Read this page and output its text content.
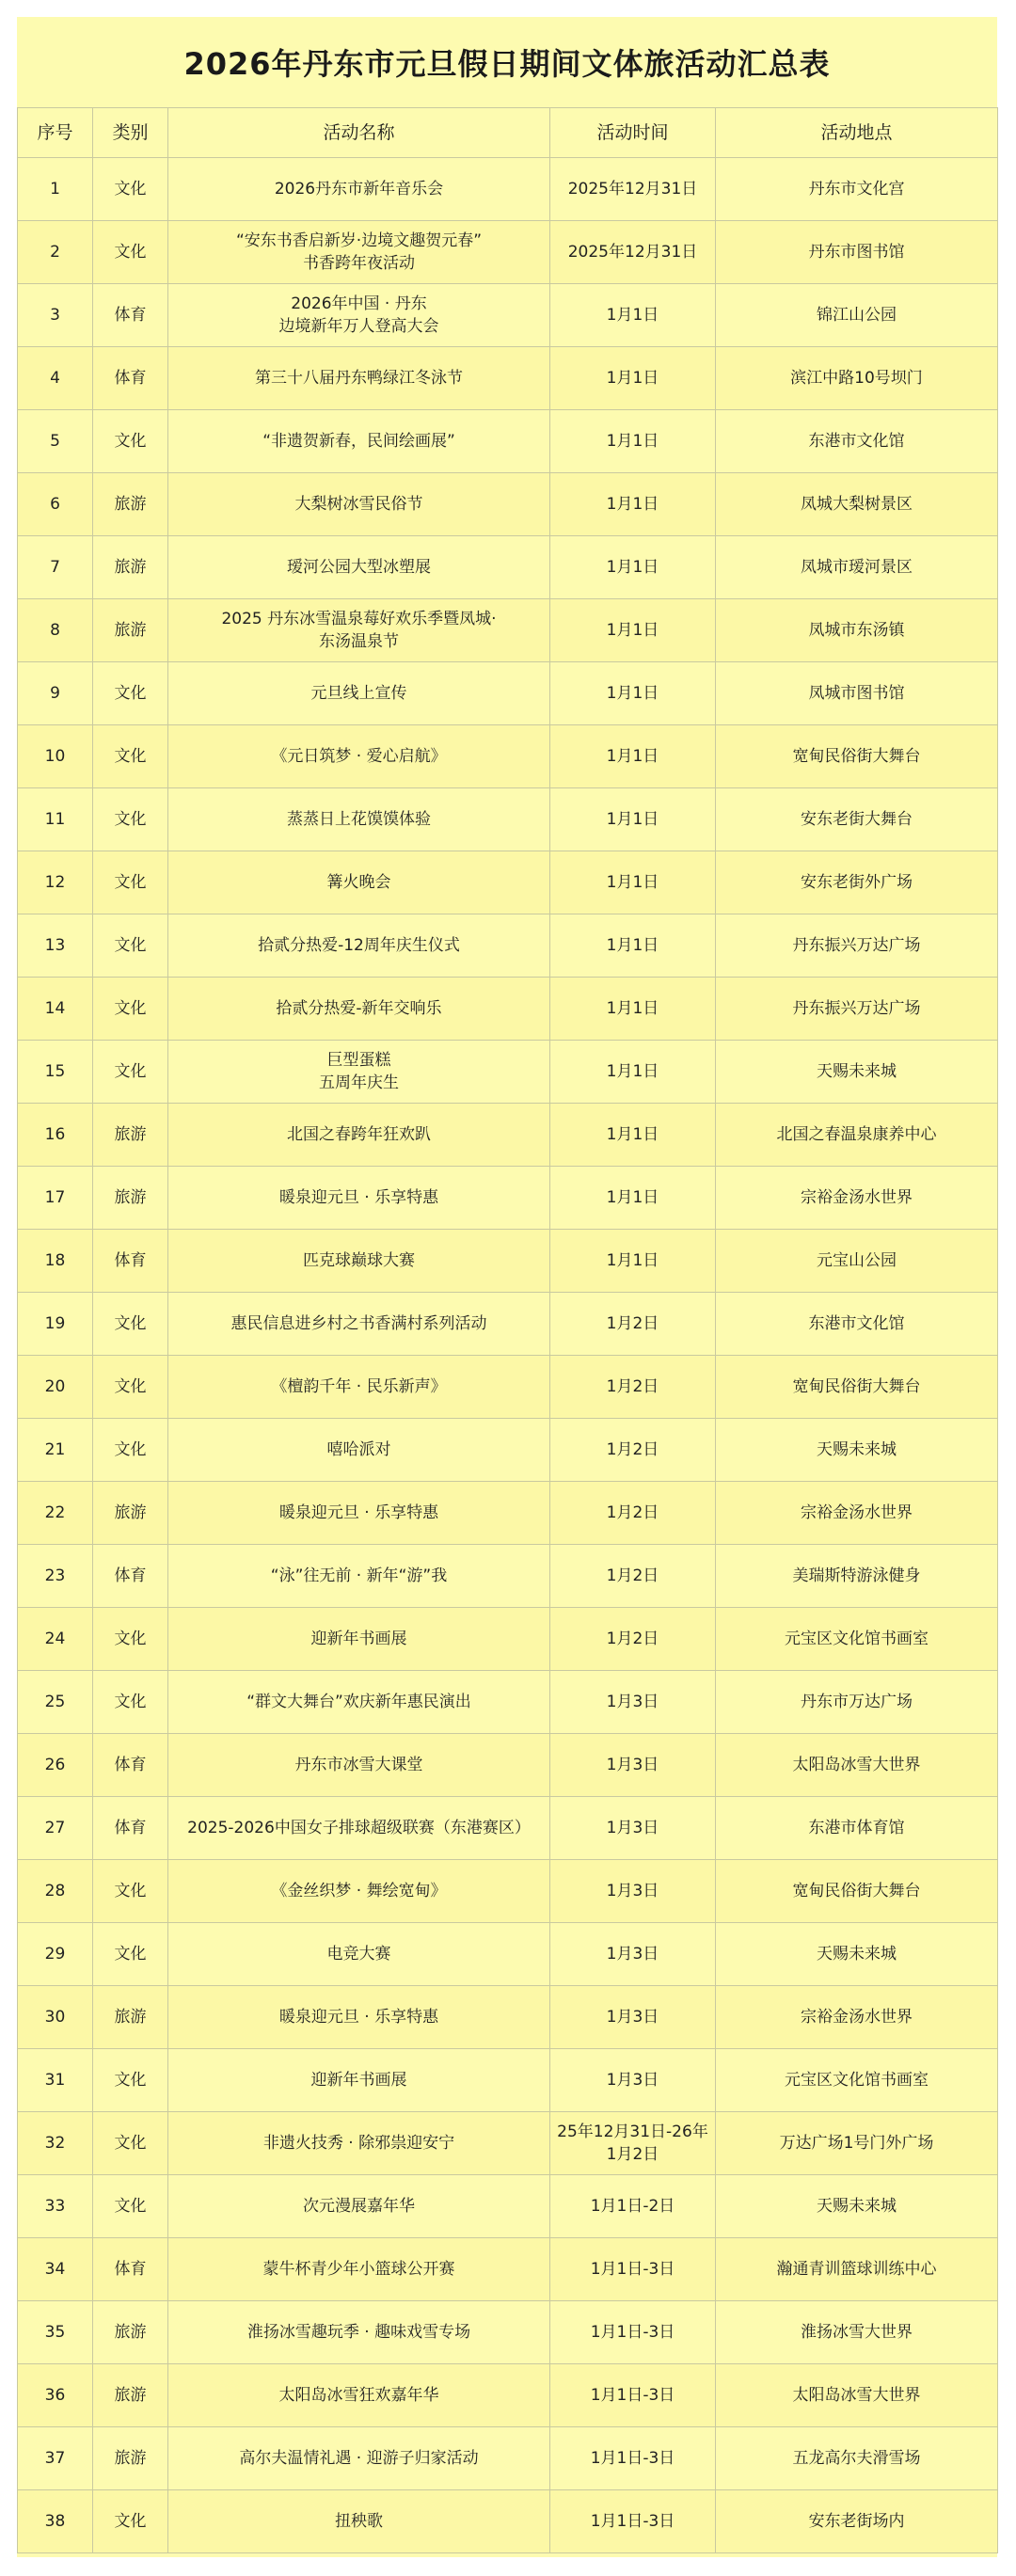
2026年丹东市元旦假日期间文体旅活动汇总表
序号	类别	活动名称	活动时间	活动地点
1	文化	2026丹东市新年音乐会	2025年12月31日	丹东市文化宫
2	文化	“安东书香启新岁·边境文趣贺元春”
书香跨年夜活动	2025年12月31日	丹东市图书馆
3	体育	2026年中国 · 丹东
边境新年万人登高大会	1月1日	锦江山公园
4	体育	第三十八届丹东鸭绿江冬泳节	1月1日	滨江中路10号坝门
5	文化	“非遗贺新春，民间绘画展”	1月1日	东港市文化馆
6	旅游	大梨树冰雪民俗节	1月1日	凤城大梨树景区
7	旅游	瑷河公园大型冰塑展	1月1日	凤城市瑷河景区
8	旅游	2025 丹东冰雪温泉莓好欢乐季暨凤城·
东汤温泉节	1月1日	凤城市东汤镇
9	文化	元旦线上宣传	1月1日	凤城市图书馆
10	文化	《元日筑梦 · 爱心启航》	1月1日	宽甸民俗街大舞台
11	文化	蒸蒸日上花馍馍体验	1月1日	安东老街大舞台
12	文化	篝火晚会	1月1日	安东老街外广场
13	文化	拾贰分热爱-12周年庆生仪式	1月1日	丹东振兴万达广场
14	文化	拾贰分热爱-新年交响乐	1月1日	丹东振兴万达广场
15	文化	巨型蛋糕
五周年庆生	1月1日	天赐未来城
16	旅游	北国之春跨年狂欢趴	1月1日	北国之春温泉康养中心
17	旅游	暖泉迎元旦 · 乐享特惠	1月1日	宗裕金汤水世界
18	体育	匹克球巅球大赛	1月1日	元宝山公园
19	文化	惠民信息进乡村之书香满村系列活动	1月2日	东港市文化馆
20	文化	《檀韵千年 · 民乐新声》	1月2日	宽甸民俗街大舞台
21	文化	嘻哈派对	1月2日	天赐未来城
22	旅游	暖泉迎元旦 · 乐享特惠	1月2日	宗裕金汤水世界
23	体育	“泳”往无前 · 新年“游”我	1月2日	美瑞斯特游泳健身
24	文化	迎新年书画展	1月2日	元宝区文化馆书画室
25	文化	“群文大舞台”欢庆新年惠民演出	1月3日	丹东市万达广场
26	体育	丹东市冰雪大课堂	1月3日	太阳岛冰雪大世界
27	体育	2025-2026中国女子排球超级联赛（东港赛区）	1月3日	东港市体育馆
28	文化	《金丝织梦 · 舞绘宽甸》	1月3日	宽甸民俗街大舞台
29	文化	电竞大赛	1月3日	天赐未来城
30	旅游	暖泉迎元旦 · 乐享特惠	1月3日	宗裕金汤水世界
31	文化	迎新年书画展	1月3日	元宝区文化馆书画室
32	文化	非遗火技秀 · 除邪祟迎安宁	25年12月31日-26年1月2日	万达广场1号门外广场
33	文化	次元漫展嘉年华	1月1日-2日	天赐未来城
34	体育	蒙牛杯青少年小篮球公开赛	1月1日-3日	瀚通青训篮球训练中心
35	旅游	淮扬冰雪趣玩季 · 趣味戏雪专场	1月1日-3日	淮扬冰雪大世界
36	旅游	太阳岛冰雪狂欢嘉年华	1月1日-3日	太阳岛冰雪大世界
37	旅游	高尔夫温情礼遇 · 迎游子归家活动	1月1日-3日	五龙高尔夫滑雪场
38	文化	扭秧歌	1月1日-3日	安东老街场内
